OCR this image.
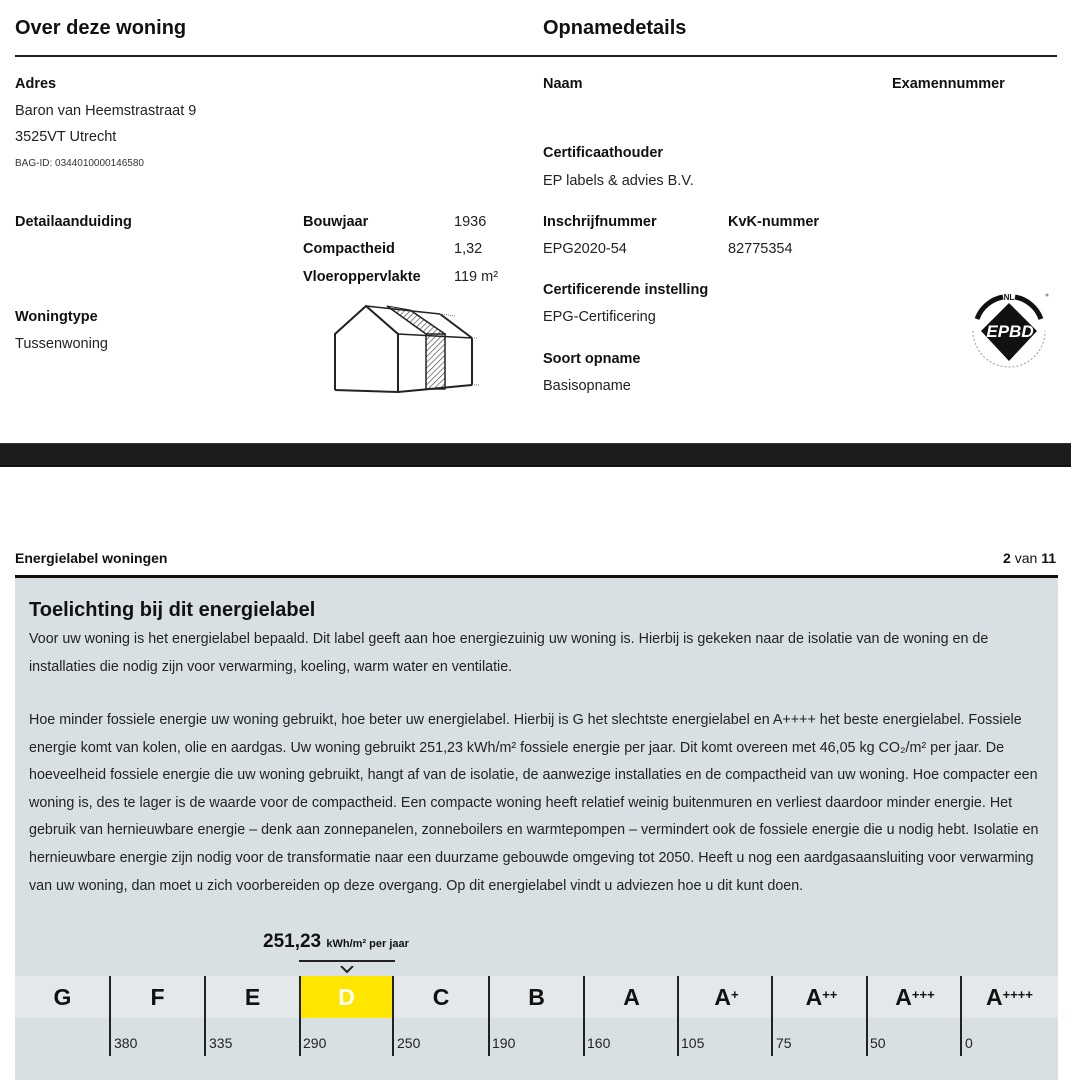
Over deze woning
Adres
Baron van Heemstrastraat 9
3525VT Utrecht
BAG-ID: 0344010000146580
Detailaanduiding	Bouwjaar	1936
Compactheid	1,32
Vloeroppervlakte 119 m²
Woningtype
Tussenwoning
Opnamedetails
Naam	Examennummer
Certificaathouder
EP labels & advies B.V.
Inschrijfnummer
EPG2020-54
KvK-nummer
82775354
Certificerende instelling
EPG-Certificering
Soort opname
Basisopname
NL
EPBD
Energielabel woningen	2 van 11
Toelichting bij dit energielabel
Voor uw woning is het energielabel bepaald. Dit label geeft aan hoe energiezuinig uw woning is. Hierbij is gekeken naar de isolatie van de woning en de installaties die nodig zijn voor verwarming, koeling, warm water en ventilatie.
Hoe minder fossiele energie uw woning gebruikt, hoe beter uw energielabel. Hierbij is G het slechtste energielabel en A++++ het beste energielabel. Fossiele energie komt van kolen, olie en aardgas. Uw woning gebruikt 251,23 kWh/m² fossiele energie per jaar. Dit komt overeen met 46,05 kg CO₂/m² per jaar. De hoeveelheid fossiele energie die uw woning gebruikt, hangt af van de isolatie, de aanwezige installaties en de compactheid van uw woning. Hoe compacter een woning is, des te lager is de waarde voor de compactheid. Een compacte woning heeft relatief weinig buitenmuren en verliest daardoor minder energie. Het gebruik van hernieuwbare energie – denk aan zonnepanelen, zonneboilers en warmtepompen – vermindert ook de fossiele energie die u nodig hebt. Isolatie en hernieuwbare energie zijn nodig voor de transformatie naar een duurzame gebouwde omgeving tot 2050. Heeft u nog een aardgasaansluiting voor verwarming van uw woning, dan moet u zich voorbereiden op deze overgang. Op dit energielabel vindt u adviezen hoe u dit kunt doen.
251,23 kWh/m² per jaar
G	F	E	D	C	B	A	A+	A++	A+++ A++++
380	335	290	250	190	160	105	75	50	0
